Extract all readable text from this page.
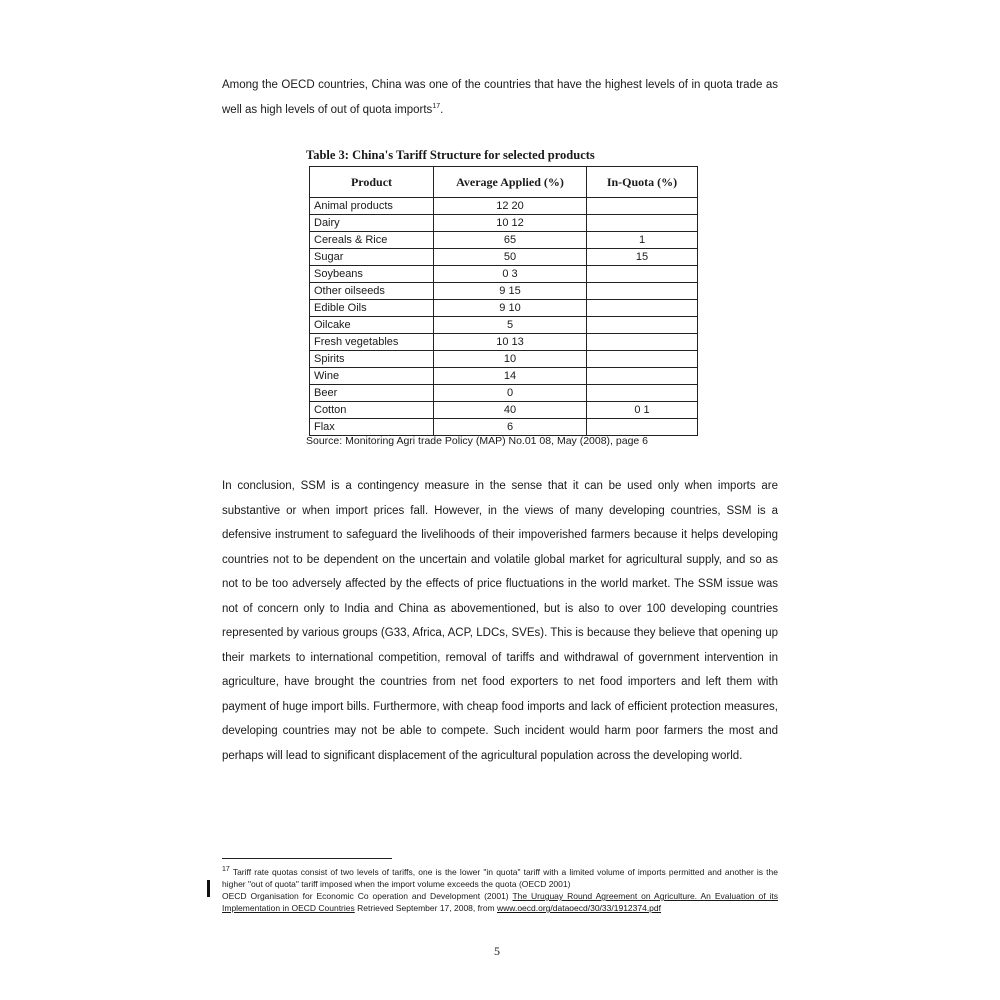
Among the OECD countries, China was one of the countries that have the highest levels of in quota trade as well as high levels of out of quota imports$^{17}$.
Table 3: China's Tariff Structure for selected products
Product	Average Applied (%)	In-Quota (%)
Animal products	12 20	
Dairy	10 12	
Cereals & Rice	65	1
Sugar	50	15
Soybeans	0 3	
Other oilseeds	9 15	
Edible Oils	9 10	
Oilcake	5	
Fresh vegetables	10 13	
Spirits	10	
Wine	14	
Beer	0	
Cotton	40	0 1
Flax	6	
Source: Monitoring Agri trade Policy (MAP) No.01 08, May (2008), page 6
In conclusion, SSM is a contingency measure in the sense that it can be used only when imports are substantive or when import prices fall. However, in the views of many developing countries, SSM is a defensive instrument to safeguard the livelihoods of their impoverished farmers because it helps developing countries not to be dependent on the uncertain and volatile global market for agricultural supply, and so as not to be too adversely affected by the effects of price fluctuations in the world market. The SSM issue was not of concern only to India and China as abovementioned, but is also to over 100 developing countries represented by various groups (G33, Africa, ACP, LDCs, SVEs). This is because they believe that opening up their markets to international competition, removal of tariffs and withdrawal of government intervention in agriculture, have brought the countries from net food exporters to net food importers and left them with payment of huge import bills. Furthermore, with cheap food imports and lack of efficient protection measures, developing countries may not be able to compete. Such incident would harm poor farmers the most and perhaps will lead to significant displacement of the agricultural population across the developing world.

$^{17}$ Tariff rate quotas consist of two levels of tariffs, one is the lower "in quota" tariff with a limited volume of imports permitted and another is the higher "out of quota" tariff imposed when the import volume exceeds the quota (OECD 2001)

OECD Organisation for Economic Co operation and Development (2001) The Uruguay Round Agreement on Agriculture. An Evaluation of its Implementation in OECD Countries Retrieved September 17, 2008, from www.oecd.org/dataoecd/30/33/1912374.pdf

5
